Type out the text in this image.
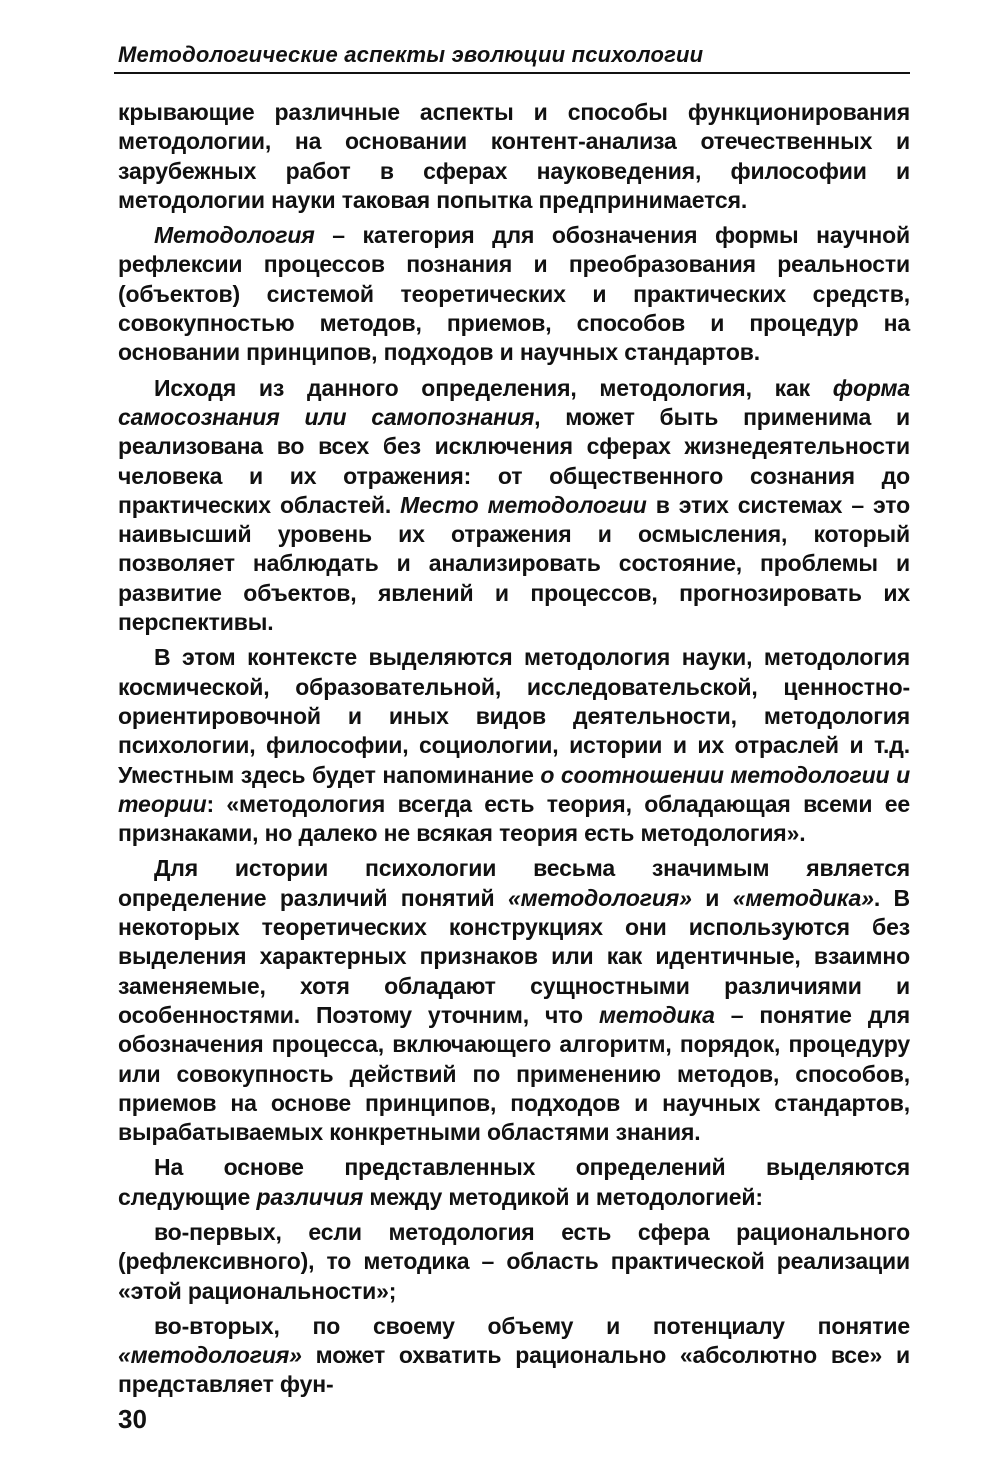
Методологические аспекты эволюции психологии

крывающие различные аспекты и способы функционирования методологии, на основании контент-анализа отечественных и зарубежных работ в сферах науковедения, философии и методологии науки таковая попытка предпринимается.

Методология – категория для обозначения формы научной рефлексии процессов познания и преобразования реальности (объектов) системой теоретических и практических средств, совокупностью методов, приемов, способов и процедур на основании принципов, подходов и научных стандартов.

Исходя из данного определения, методология, как форма самосознания или самопознания, может быть применима и реализована во всех без исключения сферах жизнедеятельности человека и их отражения: от общественного сознания до практических областей. Место методологии в этих системах – это наивысший уровень их отражения и осмысления, который позволяет наблюдать и анализировать состояние, проблемы и развитие объектов, явлений и процессов, прогнозировать их перспективы.

В этом контексте выделяются методология науки, методология космической, образовательной, исследовательской, ценностно-ориентировочной и иных видов деятельности, методология психологии, философии, социологии, истории и их отраслей и т.д. Уместным здесь будет напоминание о соотношении методологии и теории: «методология всегда есть теория, обладающая всеми ее признаками, но далеко не всякая теория есть методология».

Для истории психологии весьма значимым является определение различий понятий «методология» и «методика». В некоторых теоретических конструкциях они используются без выделения характерных признаков или как идентичные, взаимно заменяемые, хотя обладают сущностными различиями и особенностями. Поэтому уточним, что методика – понятие для обозначения процесса, включающего алгоритм, порядок, процедуру или совокупность действий по применению методов, способов, приемов на основе принципов, подходов и научных стандартов, вырабатываемых конкретными областями знания.

На основе представленных определений выделяются следующие различия между методикой и методологией:

во-первых, если методология есть сфера рационального (рефлексивного), то методика – область практической реализации «этой рациональности»;

во-вторых, по своему объему и потенциалу понятие «методология» может охватить рационально «абсолютно все» и представляет фун-

30
